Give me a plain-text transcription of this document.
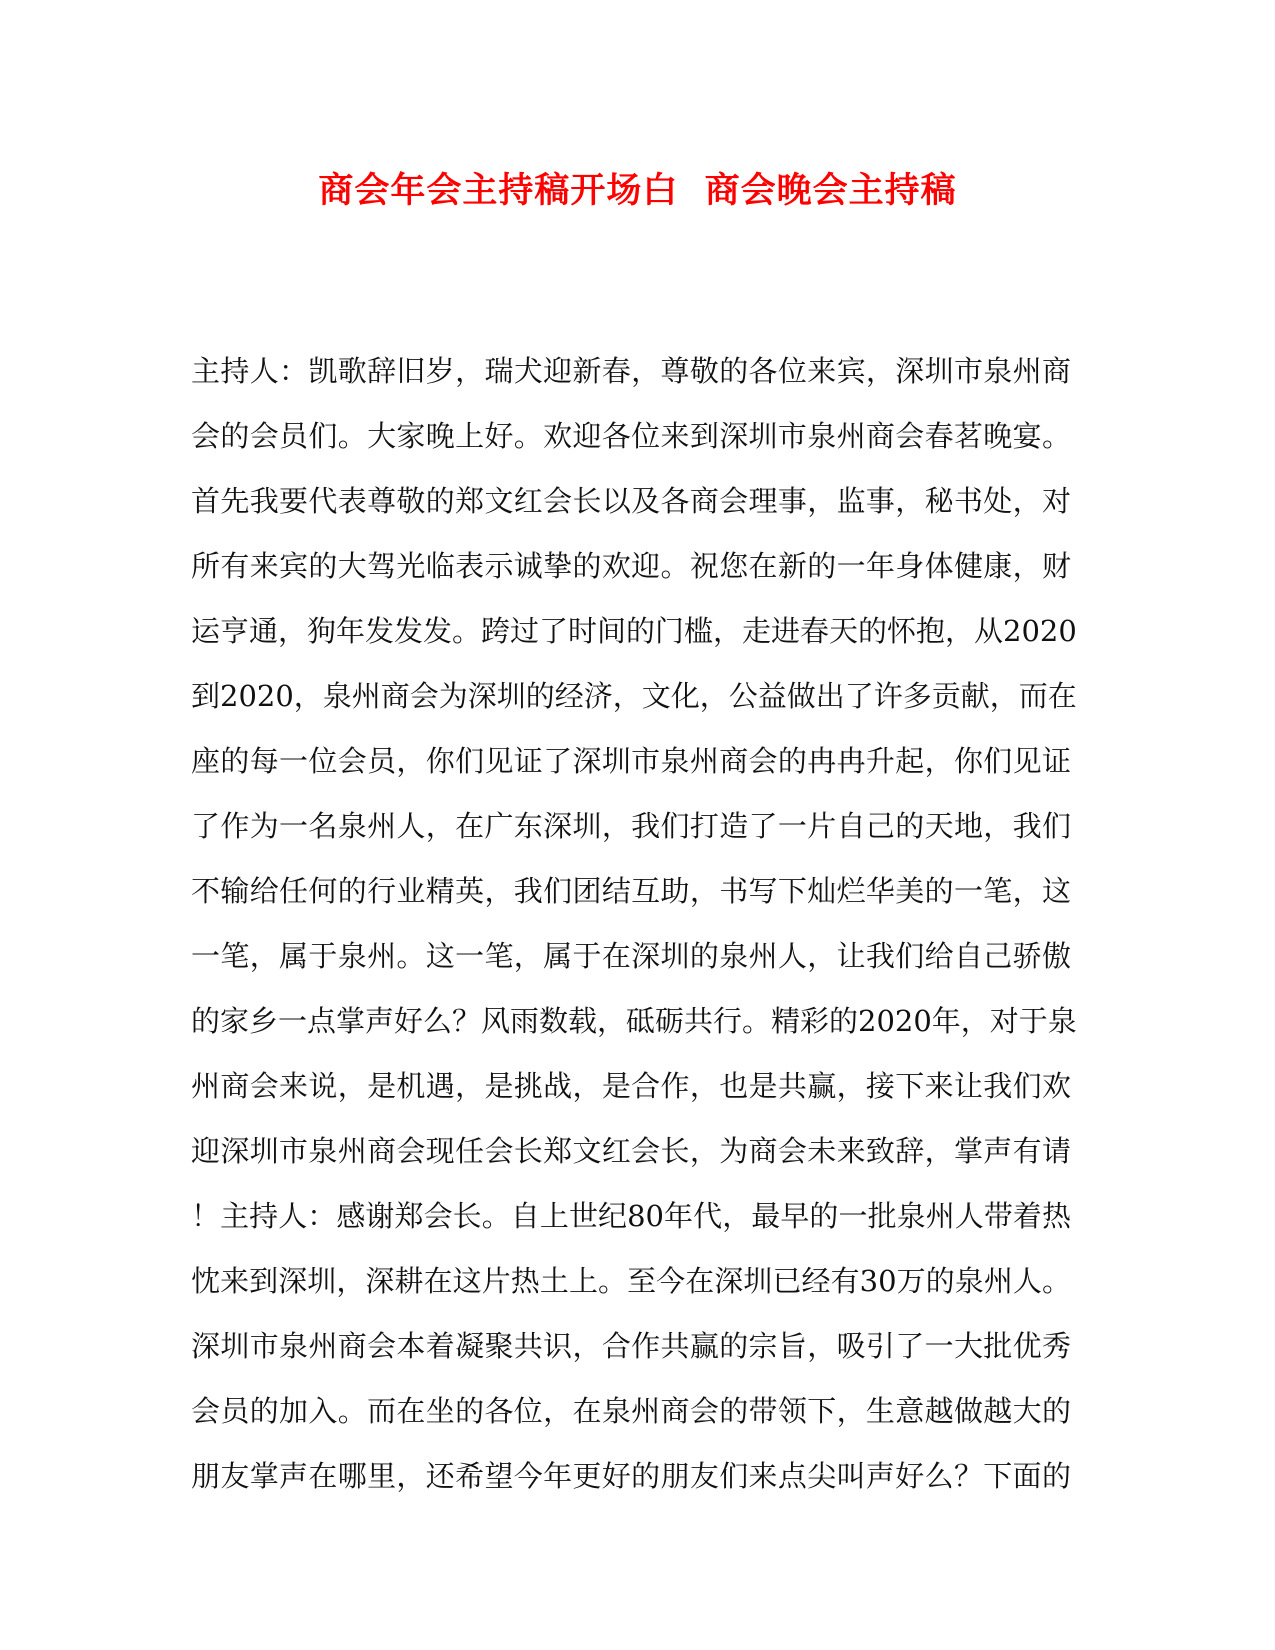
商会年会主持稿开场白  商会晚会主持稿
主持人：凯歌辞旧岁，瑞犬迎新春，尊敬的各位来宾，深圳市泉州商
会的会员们。大家晚上好。欢迎各位来到深圳市泉州商会春茗晚宴。
首先我要代表尊敬的郑文红会长以及各商会理事，监事，秘书处，对
所有来宾的大驾光临表示诚挚的欢迎。祝您在新的一年身体健康，财
运亨通，狗年发发发。跨过了时间的门槛，走进春天的怀抱，从2020
到2020，泉州商会为深圳的经济，文化，公益做出了许多贡献，而在
座的每一位会员，你们见证了深圳市泉州商会的冉冉升起，你们见证
了作为一名泉州人，在广东深圳，我们打造了一片自己的天地，我们
不输给任何的行业精英，我们团结互助，书写下灿烂华美的一笔，这
一笔，属于泉州。这一笔，属于在深圳的泉州人，让我们给自己骄傲
的家乡一点掌声好么？风雨数载，砥砺共行。精彩的2020年，对于泉
州商会来说，是机遇，是挑战，是合作，也是共赢，接下来让我们欢
迎深圳市泉州商会现任会长郑文红会长，为商会未来致辞，掌声有请
！主持人：感谢郑会长。自上世纪80年代，最早的一批泉州人带着热
忱来到深圳，深耕在这片热土上。至今在深圳已经有30万的泉州人。
深圳市泉州商会本着凝聚共识，合作共赢的宗旨，吸引了一大批优秀
会员的加入。而在坐的各位，在泉州商会的带领下，生意越做越大的
朋友掌声在哪里，还希望今年更好的朋友们来点尖叫声好么？下面的
